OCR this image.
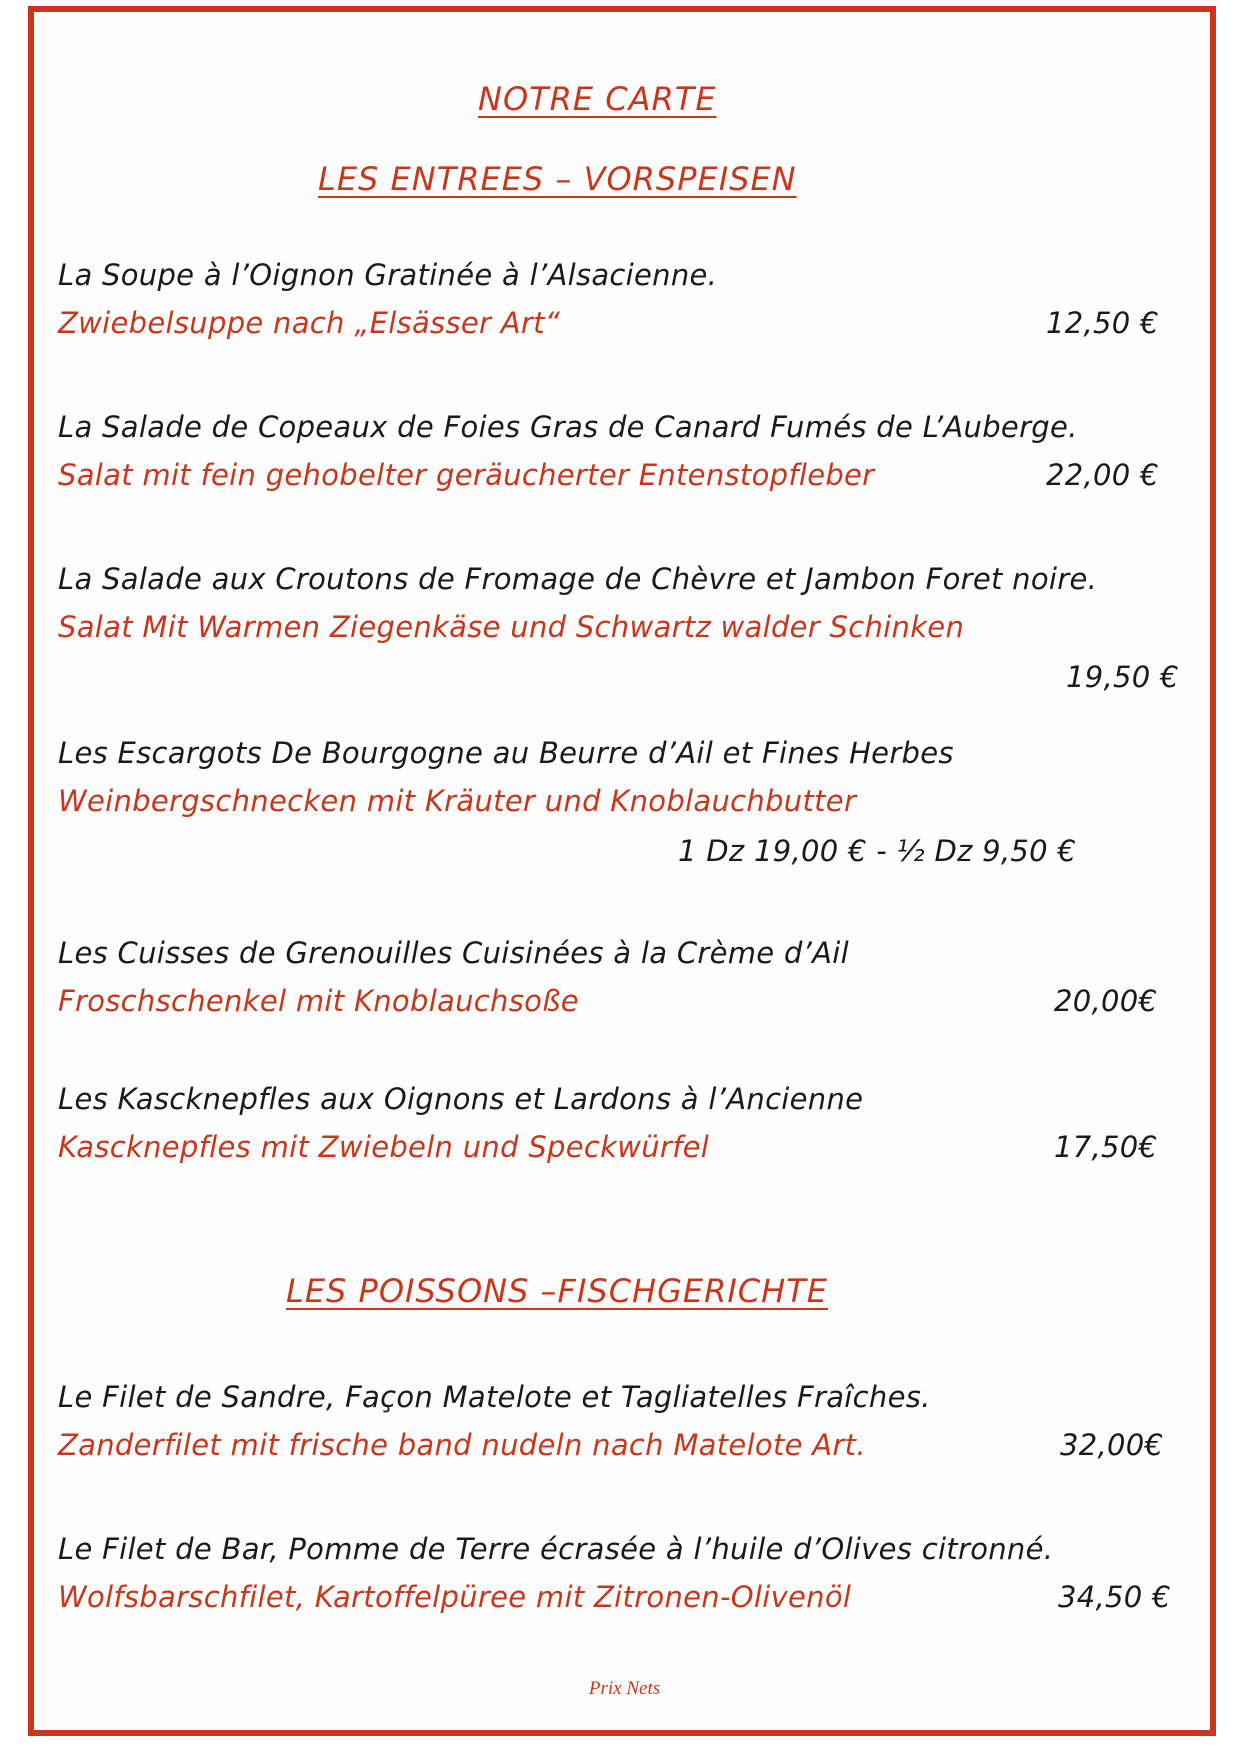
NOTRE CARTE
LES ENTREES – VORSPEISEN
La Soupe à l’Oignon Gratinée à l’Alsacienne.
Zwiebelsuppe nach „Elsässer Art“	12,50 €
La Salade de Copeaux de Foies Gras de Canard Fumés de L’Auberge.
Salat mit fein gehobelter geräucherter Entenstopfleber	22,00 €
La Salade aux Croutons de Fromage de Chèvre et Jambon Foret noire.
Salat Mit Warmen Ziegenkäse und Schwartz walder Schinken
19,50 €
Les Escargots De Bourgogne au Beurre d’Ail et Fines Herbes
Weinbergschnecken mit Kräuter und Knoblauchbutter
1 Dz 19,00 € - ½ Dz 9,50 €
Les Cuisses de Grenouilles Cuisinées à la Crème d’Ail
Froschschenkel mit Knoblauchsoße	20,00€
Les Kascknepfles aux Oignons et Lardons à l’Ancienne
Kascknepfles mit Zwiebeln und Speckwürfel	17,50€
LES POISSONS –FISCHGERICHTE
Le Filet de Sandre, Façon Matelote et Tagliatelles Fraîches.
Zanderfilet mit frische band nudeln nach Matelote Art.	32,00€
Le Filet de Bar, Pomme de Terre écrasée à l’huile d’Olives citronné.
Wolfsbarschfilet, Kartoffelpüree mit Zitronen-Olivenöl	34,50 €
Prix Nets
